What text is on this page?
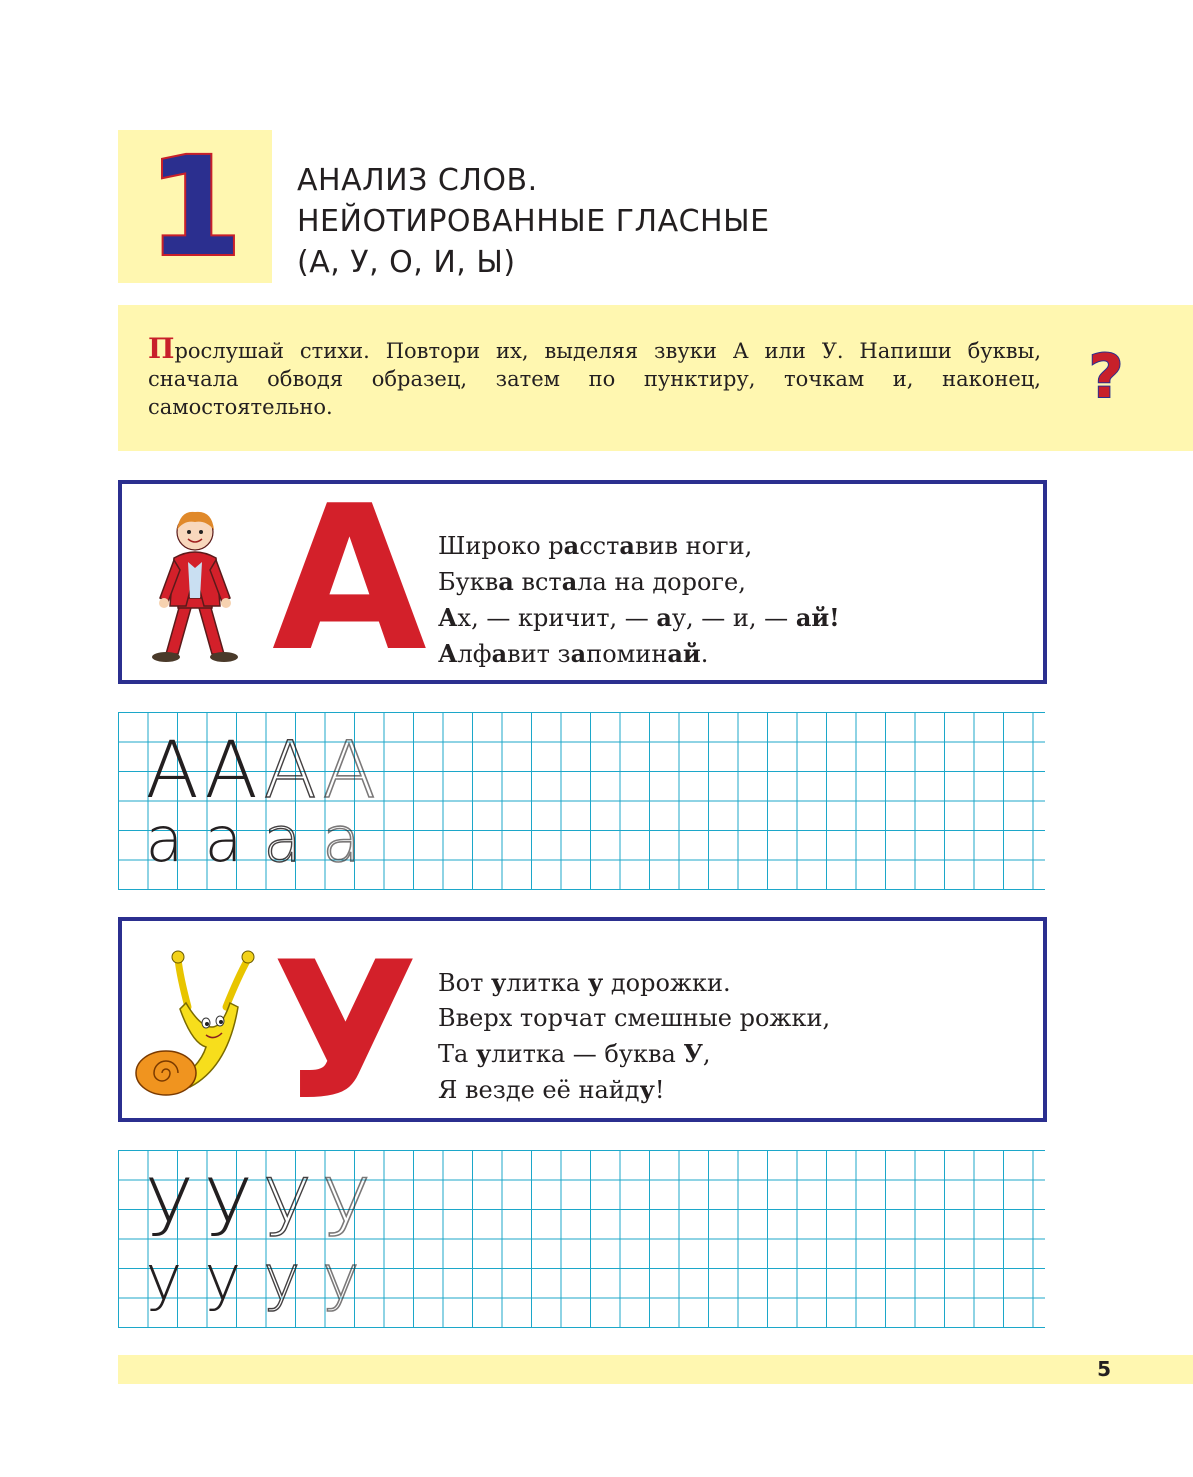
1	АНАЛИЗ СЛОВ.
НЕЙОТИРОВАННЫЕ ГЛАСНЫЕ
(А, У, О, И, Ы)
Прослушай стихи. Повтори их, выделяя звуки А или У. Напиши буквы, сначала обводя образец, затем по пунктиру, точкам и, наконец, самостоятельно.	?
А Широко расставив ноги,
Буква встала на дороге,
Ах, — кричит, — ау, — и, — ай!
Алфавит запоминай.
А А А А
а а а а
У Вот улитка у дорожки.
Вверх торчат смешные рожки,
Та улитка — буква У,
Я везде её найду!
У У У У
у у у у
5
